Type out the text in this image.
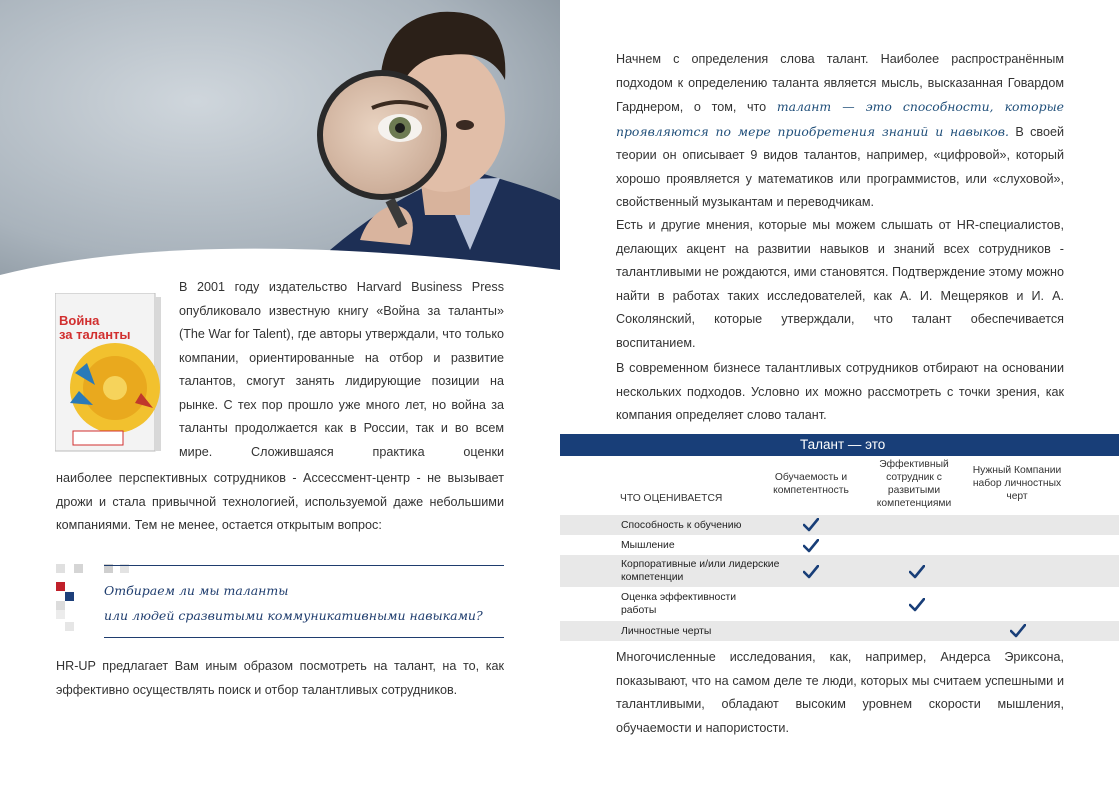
Война
за таланты

В 2001 году издательство Harvard Business Press опубликовало известную книгу «Война за таланты» (The War for Talent), где авторы утверждали, что только компании, ориентированные на отбор и развитие талантов, смогут занять лидирующие позиции на рынке. С тех пор прошло уже много лет, но война за таланты продолжается как в России, так и во всем мире. Сложившаяся практика оценки

наиболее перспективных сотрудников - Ассессмент-центр - не вызывает дрожи и стала привычной технологией, используемой даже небольшими компаниями. Тем не менее, остается открытым вопрос:

Отбираем ли мы таланты
или людей сразвитыми коммуникативными навыками?

HR-UP предлагает Вам иным образом посмотреть на талант, на то, как эффективно осуществлять поиск и отбор талантливых сотрудников.

Начнем с определения слова талант. Наиболее распространённым подходом к определению таланта является мысль, высказанная Говардом Гарднером, о том, что талант — это способности, которые проявляются по мере приобретения знаний и навыков. В своей теории он описывает 9 видов талантов, например, «цифровой», который хорошо проявляется у математиков или программистов, или «слуховой», свойственный музыкантам и переводчикам.

Есть и другие мнения, которые мы можем слышать от HR-специалистов, делающих акцент на развитии навыков и знаний всех сотрудников - талантливыми не рождаются, ими становятся. Подтверждение этому можно найти в работах таких исследователей, как А. И. Мещеряков и И. А. Соколянский, которые утверждали, что талант обеспечивается воспитанием.

В современном бизнесе талантливых сотрудников отбирают на основании нескольких подходов. Условно их можно рассмотреть с точки зрения, как компания определяет слово талант.

Талант — это
ЧТО ОЦЕНИВАЕТСЯ
Обучаемость и компетентность
Эффективный сотрудник с развитыми компетенциями
Нужный Компании набор личностных черт
Способность к обучению
Мышление
Корпоративные и/или лидерские компетенции
Оценка эффективности работы
Личностные черты

Многочисленные исследования, как, например, Андерса Эриксона, показывают, что на самом деле те люди, которых мы считаем успешными и талантливыми, обладают высоким уровнем скорости мышления, обучаемости и напористости.
